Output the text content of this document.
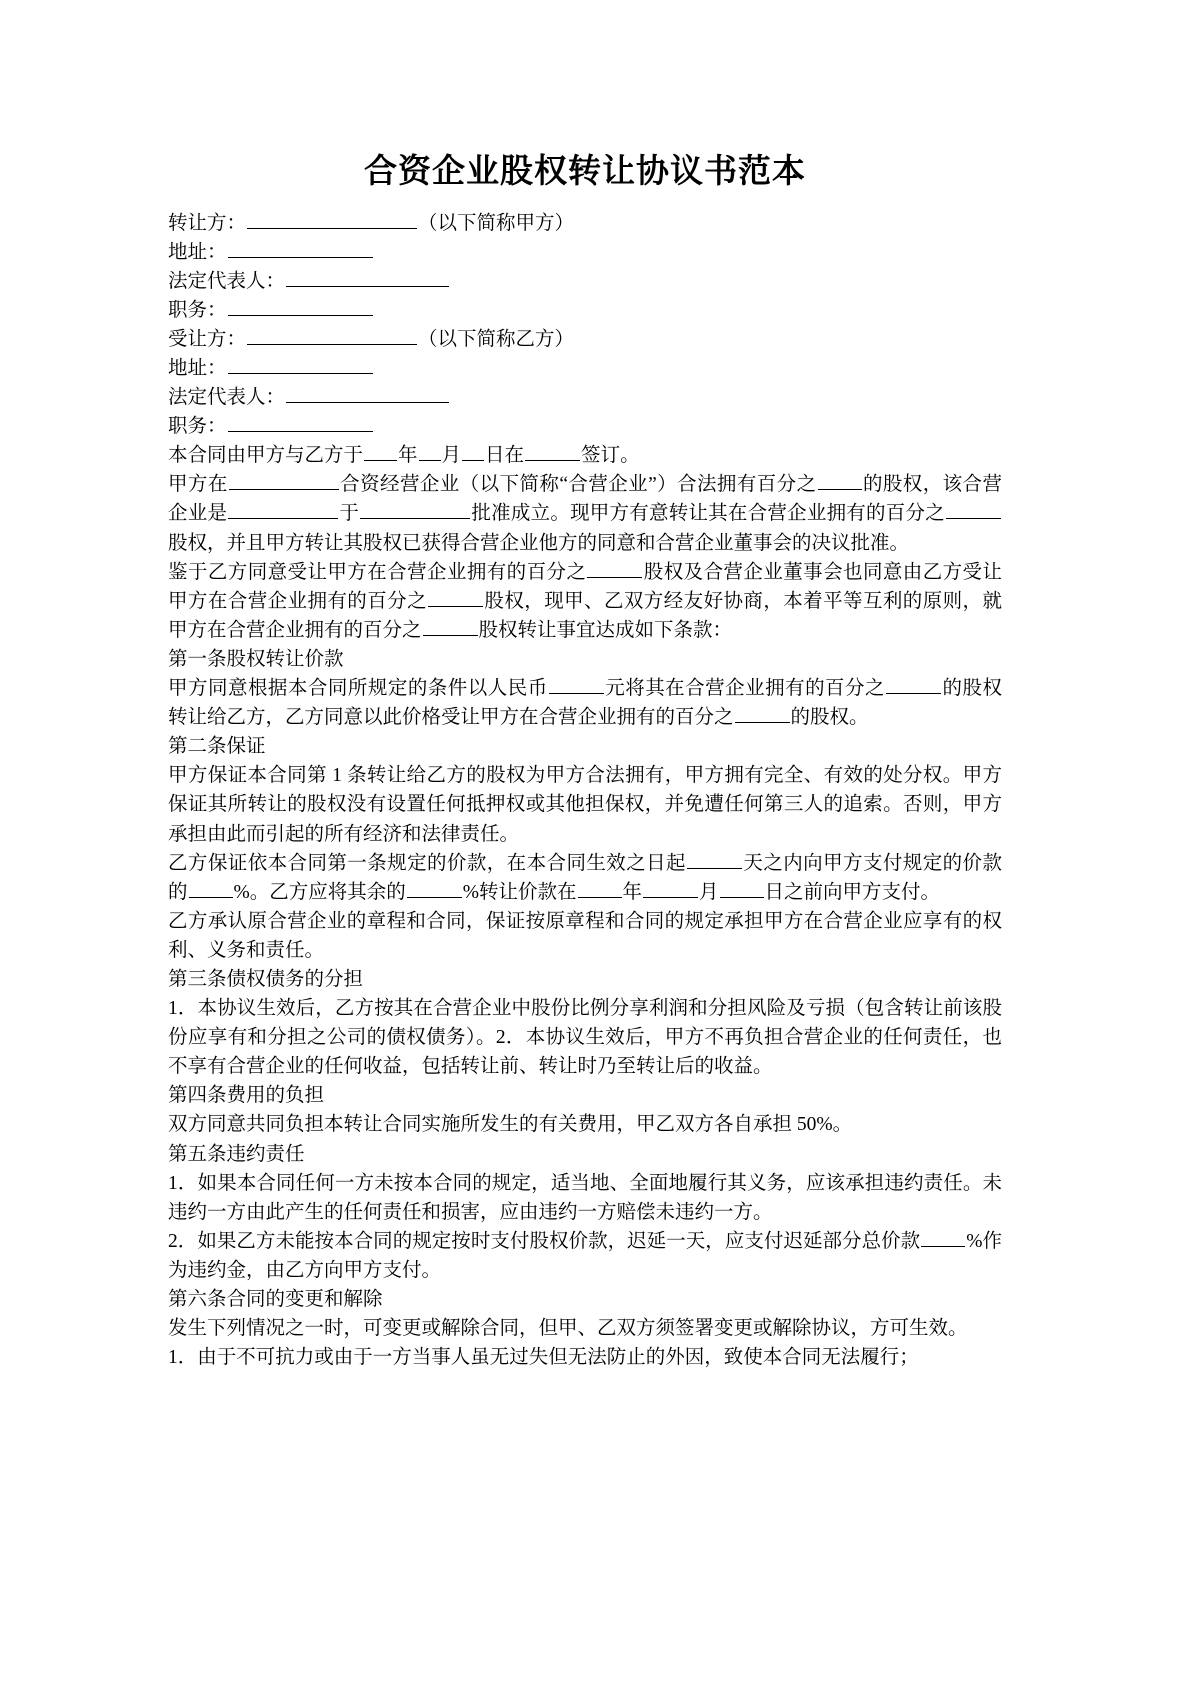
合资企业股权转让协议书范本
转让方：	（以下简称甲方）
地址：
法定代表人：
职务：
受让方：	（以下简称乙方）
地址：
法定代表人：
职务：

本合同由甲方与乙方于 年 月 日在	签订。

甲方在	合资经营企业（以下简称“合营企业”）合法拥有百分之 的股权，该合营企业是	于	批准成立。现甲方有意转让其在合营企业拥有的百分之股权，并且甲方转让其股权已获得合营企业他方的同意和合营企业董事会的决议批准。

鉴于乙方同意受让甲方在合营企业拥有的百分之	股权及合营企业董事会也同意由乙方受让甲方在合营企业拥有的百分之	股权，现甲、乙双方经友好协商，本着平等互利的原则，就甲方在合营企业拥有的百分之	股权转让事宜达成如下条款：

第一条股权转让价款

甲方同意根据本合同所规定的条件以人民币	元将其在合营企业拥有的百分之	的股权转让给乙方，乙方同意以此价格受让甲方在合营企业拥有的百分之	的股权。

第二条保证

甲方保证本合同第 1 条转让给乙方的股权为甲方合法拥有，甲方拥有完全、有效的处分权。甲方保证其所转让的股权没有设置任何抵押权或其他担保权，并免遭任何第三人的追索。否则，甲方承担由此而引起的所有经济和法律责任。

乙方保证依本合同第一条规定的价款，在本合同生效之日起	天之内向甲方支付规定的价款的 %。乙方应将其余的	%转让价款在 年	月 日之前向甲方支付。

乙方承认原合营企业的章程和合同，保证按原章程和合同的规定承担甲方在合营企业应享有的权利、义务和责任。

第三条债权债务的分担

1．本协议生效后，乙方按其在合营企业中股份比例分享利润和分担风险及亏损（包含转让前该股份应享有和分担之公司的债权债务）。2．本协议生效后，甲方不再负担合营企业的任何责任，也不享有合营企业的任何收益，包括转让前、转让时乃至转让后的收益。

第四条费用的负担

双方同意共同负担本转让合同实施所发生的有关费用，甲乙双方各自承担 50%。

第五条违约责任

1．如果本合同任何一方未按本合同的规定，适当地、全面地履行其义务，应该承担违约责任。未违约一方由此产生的任何责任和损害，应由违约一方赔偿未违约一方。

2．如果乙方未能按本合同的规定按时支付股权价款，迟延一天，应支付迟延部分总价款 %作为违约金，由乙方向甲方支付。

第六条合同的变更和解除

发生下列情况之一时，可变更或解除合同，但甲、乙双方须签署变更或解除协议，方可生效。

1．由于不可抗力或由于一方当事人虽无过失但无法防止的外因，致使本合同无法履行；
